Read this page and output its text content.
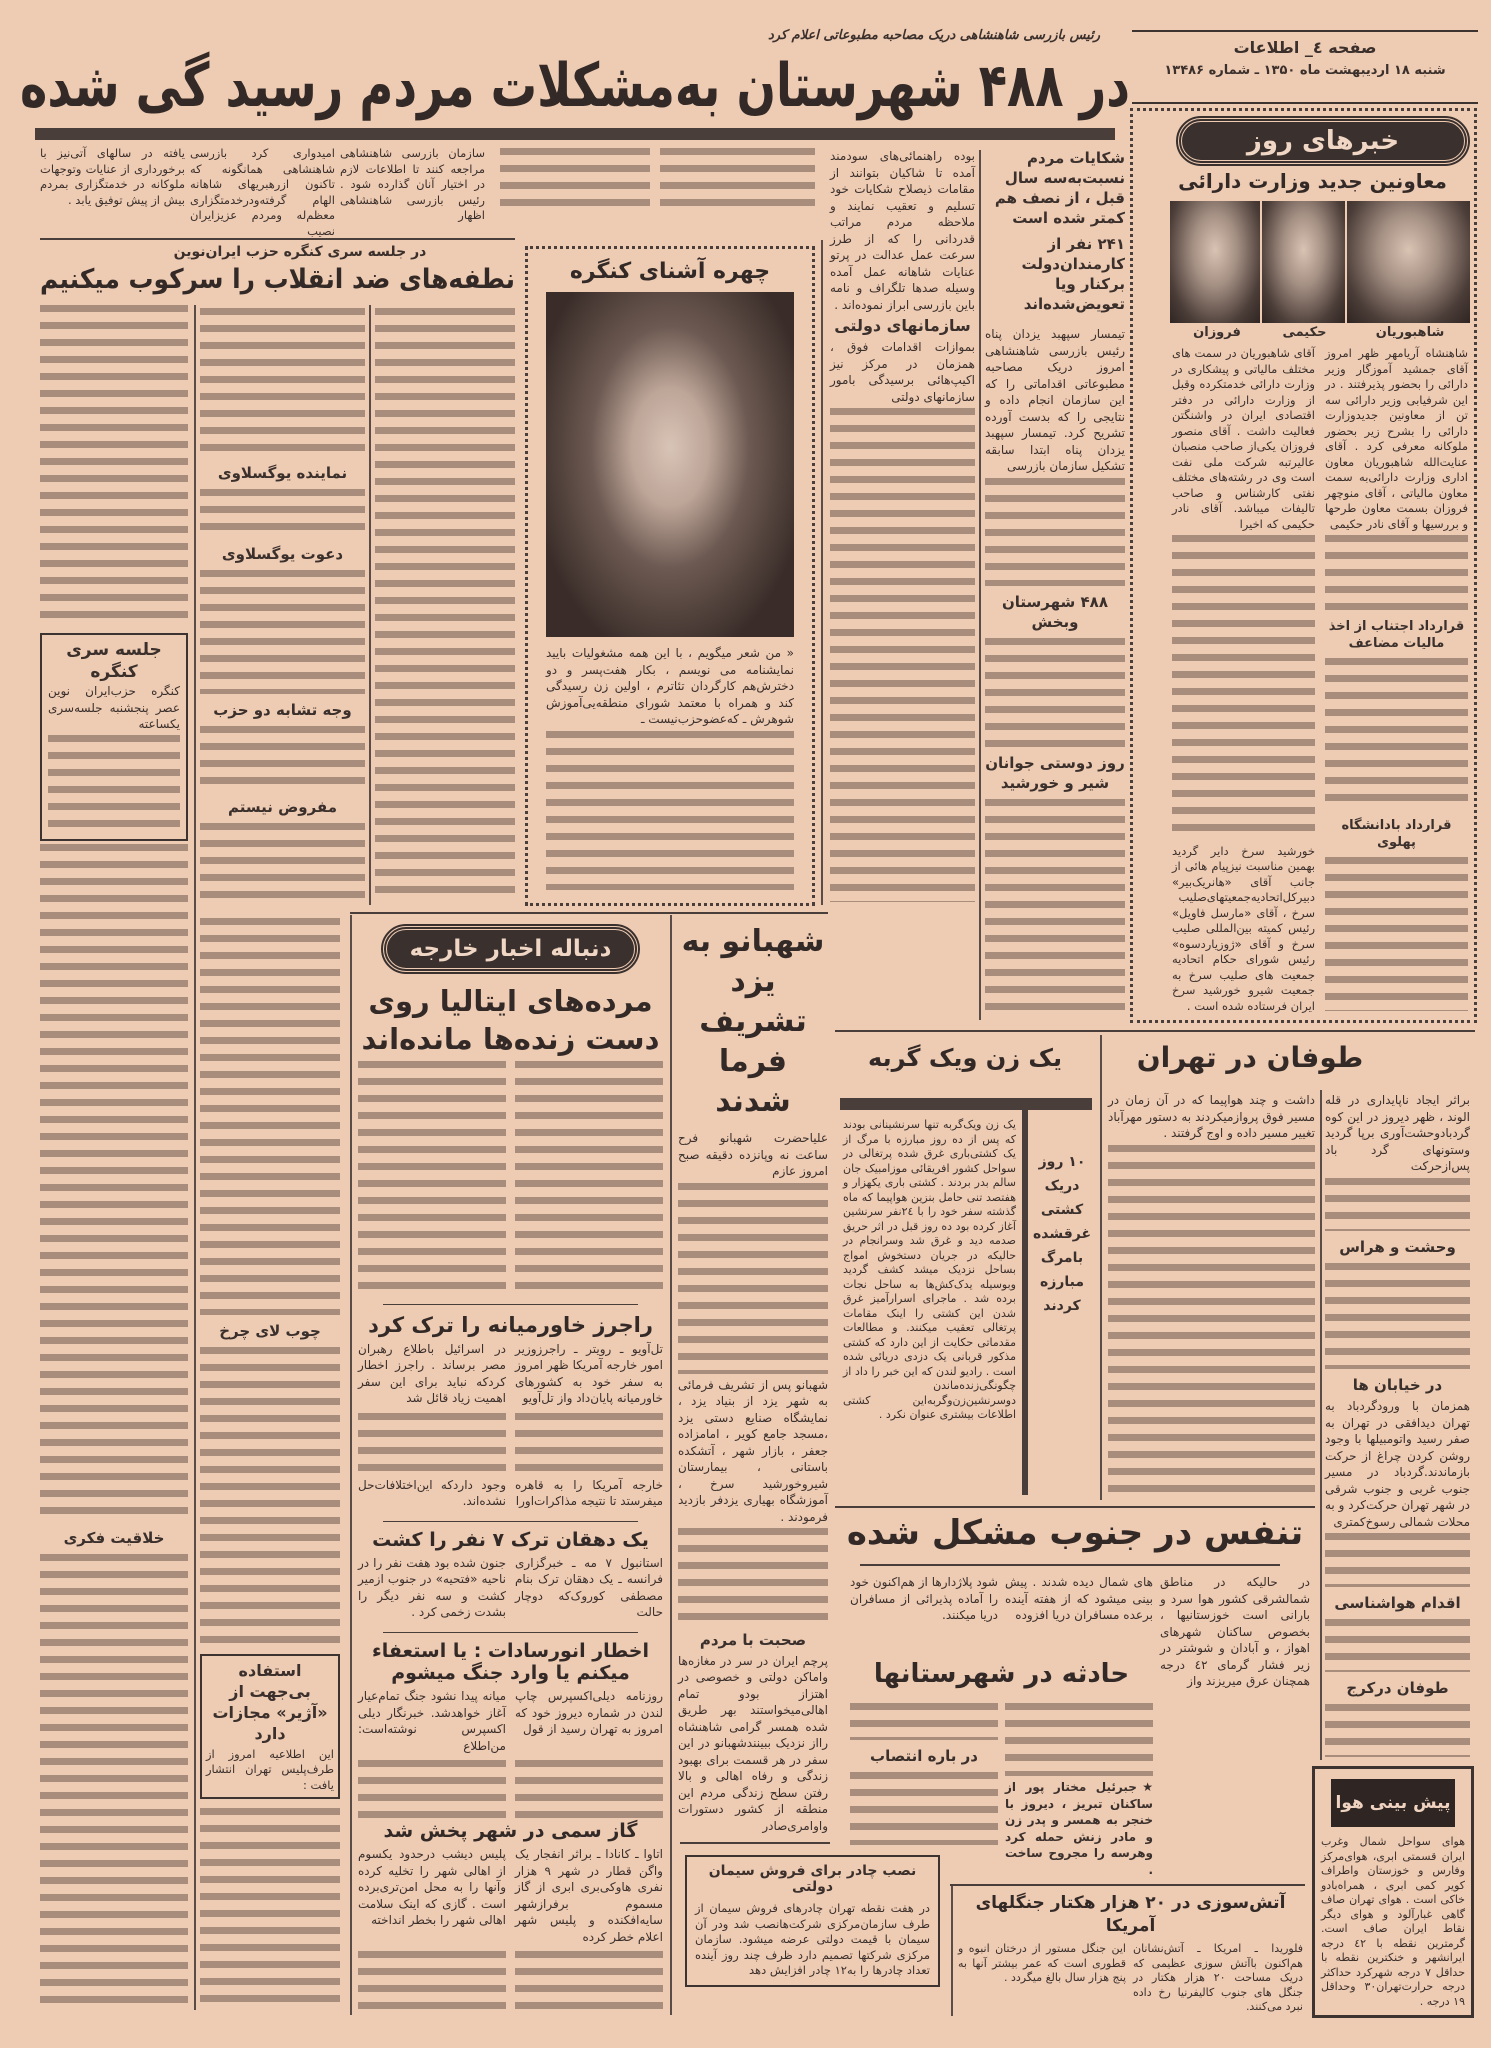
صفحه ٤_ اطلاعات
شنبه ۱۸ اردیبهشت ماه ۱۳۵۰ ـ شماره ۱۳۴۸۶
رئیس بازرسی شاهنشاهی دریک مصاحبه مطبوعاتی اعلام کرد
در ۴۸۸ شهرستان به‌مشکلات مردم رسید گی شده
سازمان بازرسی شاهنشاهی مراجعه کنند تا اطلاعات لازم در اختیار آنان گذارده شود . رئیس بازرسی شاهنشاهی اظهار
امیدواری کرد بازرسی شاهنشاهی همانگونه که تاکنون ازرهبریهای شاهانه الهام گرفته‌ودرخدمتگزاری معظم‌له ومردم عزیزایران نصیب
یافته در سالهای آتی‌نیز با برخورداری از عنایات وتوجهات ملوکانه در خدمتگزاری بمردم بیش از پیش توفیق یابد .
شکایات مردم نسبت‌به‌سه سال قبل ، از نصف هم کمتر شده است
۲۴۱ نفر از کارمندان‌دولت برکنار ویا تعویض‌شده‌اند
تیمسار سپهبد یزدان پناه رئیس بازرسی شاهنشاهی امروز دریک مصاحبه مطبوعاتی اقداماتی را که این سازمان انجام داده و نتایجی را که بدست آورده تشریح کرد. تیمسار سپهبد یزدان پناه ابتدا سابقه تشکیل سازمان بازرسی
۴۸۸ شهرستان وبخش
روز دوستی جوانان شیر و خورشید
بوده راهنمائی‌های سودمند آمده تا شاکیان بتوانند از مقامات ذیصلاح شکایات خود تسلیم و تعقیب نمایند و ملاحظه مردم مراتب قدردانی را که از طرز سرعت عمل عدالت در پرتو عنایات شاهانه عمل آمده وسیله صدها تلگراف و نامه باین بازرسی ابراز نموده‌اند .
سازمانهای دولتی
بموازات اقدامات فوق ، همزمان در مرکز نیز اکیپ‌هائی برسیدگی بامور سازمانهای دولتی
خبرهای روز
معاونین جدید وزارت دارائی
شاهبوریان
حکیمی
فروزان
شاهنشاه آریامهر ظهر امروز آقای جمشید آموزگار وزیر دارائی را بحضور پذیرفتند . در این شرفیابی وزیر دارائی سه تن از معاونین جدیدوزارت دارائی را بشرح زیر بحضور ملوکانه معرفی کرد . آقای عنایت‌الله شاهبوریان معاون اداری وزارت دارائی‌به سمت معاون مالیاتی ، آقای منوچهر فروزان بسمت معاون طرحها و بررسیها و آقای نادر حکیمی
قرارداد اجتناب از اخذ مالیات مضاعف
قرارداد بادانشگاه پهلوی
آقای شاهبوریان در سمت های مختلف مالیاتی و پیشکاری در وزارت دارائی خدمتکرده وقبل از وزارت دارائی در دفتر اقتصادی ایران در واشنگتن فعالیت داشت . آقای منصور فروزان یکی‌از صاحب منصبان عالیرتبه شرکت ملی نفت است وی در رشته‌های مختلف نفتی کارشناس و صاحب تالیفات میباشد. آقای نادر حکیمی که اخیرا
خورشید سرخ دایر گردید بهمین مناسبت نیزپیام هائی از جانب آقای «هانریک‌بیر» دبیرکل‌اتحادیه‌جمعیتهای‌صلیب سرخ ، آقای «مارسل فاویل» رئیس کمیته بین‌المللی صلیب سرخ و آقای «ژوزیاردسوه» رئیس شورای حکام اتحادیه جمعیت های صلیب سرخ به جمعیت شیرو خورشید سرخ ایران فرستاده شده است .
در جلسه سری کنگره حزب ایران‌نوین
نطفه‌های ضد انقلاب را سرکوب میکنیم
نماینده یوگسلاوی
دعوت یوگسلاوی
وجه تشابه دو حزب
مفروض نیستم
چوب لای چرخ
استفاده بی‌جهت از «آژیر» مجازات دارد
این اطلاعیه امروز از طرف‌پلیس تهران انتشار یافت :
جلسه سری کنگره
کنگره حزب‌ایران نوین عصر پنجشنبه جلسه‌سری یکساعته
خلاقیت فکری
چهره آشنای کنگره
« من شعر میگویم ، با این همه مشغولیات بایید نمایشنامه می نویسم ، بکار هفت‌پسر و دو دخترش‌هم کارگردان تئاترم ، اولین زن رسیدگی کند و همراه با معتمد شورای منطقه‌یی‌آموزش شوهرش ـ که‌عضوحزب‌نیست ـ
دنباله اخبار خارجه
مرده‌های ایتالیا روی دست زنده‌ها مانده‌اند
راجرز خاورمیانه را ترک کرد
تل‌آویو ـ رویتر ـ راجرزوزیر امور خارجه آمریکا ظهر امروز به سفر خود به کشورهای خاورمیانه پایان‌داد واز تل‌آویو
در اسرائیل باطلاع رهبران مصر برساند . راجرز اخطار کردکه نباید برای این سفر اهمیت زیاد قائل شد
خارجه آمریکا را به قاهره میفرستد تا نتیجه مذاکرات‌اورا
وجود داردکه این‌اختلافات‌حل نشده‌اند.
یک دهقان ترک ۷ نفر را کشت
استانبول ۷ مه ـ خبرگزاری فرانسه ـ یک دهقان ترک بنام مصطفی کوروک‌که دوچار حالت
جنون شده بود هفت نفر را در ناحیه «فتحیه» در جنوب ازمیر کشت و سه نفر دیگر را بشدت زخمی کرد .
اخطار انورسادات : یا استعفاء میکنم یا وارد جنگ میشوم
روزنامه دیلی‌اکسپرس چاپ لندن در شماره دیروز خود که امروز به تهران رسید از قول
میانه پیدا نشود جنگ تمام‌عیار آغاز خواهدشد. خبرنگار دیلی اکسپرس نوشته‌است: من‌اطلاع
گاز سمی در شهر پخش شد
اتاوا ـ کانادا ـ براثر انفجار یک واگن قطار در شهر ۹ هزار نفری هاوکی‌بری ابری از گاز مسموم برفرازشهر سایه‌افکنده و پلیس شهر اعلام خطر کرده
پلیس دیشب درحدود یکسوم از اهالی شهر را تخلیه کرده وآنها را به محل امن‌تری‌برده است . گازی که اینک سلامت اهالی شهر را بخطر انداخته
شهبانو به یزد تشریف فرما شدند
علیاحضرت شهبانو فرح ساعت نه وپانزده دقیقه صبح امروز عازم
شهبانو پس از تشریف فرمائی به شهر یزد از بنیاد یزد ، نمایشگاه صنایع دستی یزد ،مسجد جامع کویر ، امامزاده جعفر ، بازار شهر ، آتشکده باستانی ، بیمارستان شیروخورشید سرخ ، آموزشگاه بهیاری یزدفر بازدید فرمودند .
صحبت با مردم
پرچم ایران در سر در مغازه‌ها واماکن دولتی و خصوصی در اهتزاز بودو تمام اهالی‌میخواستند بهر طریق شده همسر گرامی شاهنشاه رااز نزدیک ببینندشهبانو در این سفر در هر قسمت برای بهبود زندگی و رفاه اهالی و بالا رفتن سطح زندگی مردم این منطقه از کشور دستورات واوامری‌صادر
نصب چادر برای فروش سیمان دولتی
در هفت نقطه تهران چادرهای فروش سیمان از طرف سازمان‌مرکزی شرکت‌هانصب شد ودر آن سیمان با قیمت دولتی عرضه میشود. سازمان مرکزی شرکتها تصمیم دارد ظرف چند روز آینده تعداد چادرها را به‌۱۲ چادر افزایش دهد
یک زن ویک گربه
۱۰ روز دریک کشتی غرقشده بامرگ مبارزه کردند
یک زن ویک‌گربه تنها سرنشینانی بودند که پس از ده روز مبارزه با مرگ از یک کشتی‌باری غرق شده پرتغالی در سواحل کشور افریقائی موزامبیک جان سالم بدر بردند . کشتی باری یکهزار و هفتصد تنی حامل بنزین هواپیما که ماه گذشته سفر خود را با ۲٤نفر سرنشین آغاز کرده بود ده روز قبل در اثر حریق صدمه دید و غرق شد وسرانجام در حالیکه در جریان دستخوش امواج بساحل نزدیک میشد کشف گردید وبوسیله یدک‌کش‌ها به ساحل نجات برده شد . ماجرای اسرارآمیز غرق شدن این کشتی را اینک مقامات پرتغالی تعقیب میکنند. و مطالعات مقدماتی حکایت از این دارد که کشتی مذکور قربانی یک دزدی دریائی شده است . رادیو لندن که این خبر را داد از چگونگی‌زنده‌ماندن دوسرنشین‌زن‌وگربه‌این کشتی اطلاعات بیشتری عنوان نکرد .
طوفان در تهران
داشت و چند هواپیما که در آن زمان در مسیر فوق پروازمیکردند به دستور مهرآباد تغییر مسیر داده و اوج گرفتند .
براثر ایجاد ناپایداری در قله الوند ، ظهر دیروز در این کوه گردبادوحشت‌آوری برپا گردید وستونهای گرد باد پس‌ازحرکت
وحشت و هراس
در خیابان ها
همزمان با ورودگردباد به تهران دیدافقی در تهران به صفر رسید واتومبیلها با وجود روشن کردن چراغ از حرکت بازماندند.گردباد در مسیر جنوب غربی و جنوب شرقی در شهر تهران حرکت‌کرد و به محلات شمالی رسوخ‌کمتری
اقدام هواشناسی
طوفان درکرج
تنفس در جنوب مشکل شده
در حالیکه در مناطق شمالشرقی کشور هوا سرد و بارانی است خوزستانیها ، بخصوص ساکنان شهرهای اهواز ، و آبادان و شوشتر در زیر فشار گرمای ٤٢ درجه همچنان عرق میریزند واز
های شمال دیده شدند . پیش بینی میشود که از هفته آینده برعده مسافران دریا افزوده
شود پلاژدارها از هم‌اکنون خود را آماده پذیرائی از مسافران دریا میکنند.
حادثه در شهرستانها
★جبرئیل مختار پور از ساکنان تبریز ، دیروز با خنجر به همسر و پدر زن و مادر زنش حمله کرد وهرسه را مجروح ساخت .
در باره انتصاب
پیش بینی هوا
هوای سواحل شمال وغرب ایران قسمتی ابری، هوای‌مرکز وفارس و خوزستان واطراف کویر کمی ابری ، همراه‌بادو خاکی است . هوای تهران صاف گاهی غبارآلود و هوای دیگر نقاط ایران صاف است. گرمترین نقطه با ٤٢ درجه ایرانشهر و خنکترین نقطه با حداقل ۷ درجه شهرکرد حداکثر درجه حرارت‌تهران۳۰ وحداقل ۱۹ درجه .
آتش‌سوزی در ۲۰ هزار هکتار جنگلهای آمریکا
فلوریدا ـ امریکا ـ آتش‌نشانان هم‌اکنون باآتش سوزی عظیمی که دریک مساحت ۲۰ هزار هکتار در جنگل های جنوب کالیفرنیا رخ داده نبرد می‌کنند.
این جنگل مستور از درختان انبوه و قطوری است که عمر بیشتر آنها به پنج هزار سال بالغ میگردد .
